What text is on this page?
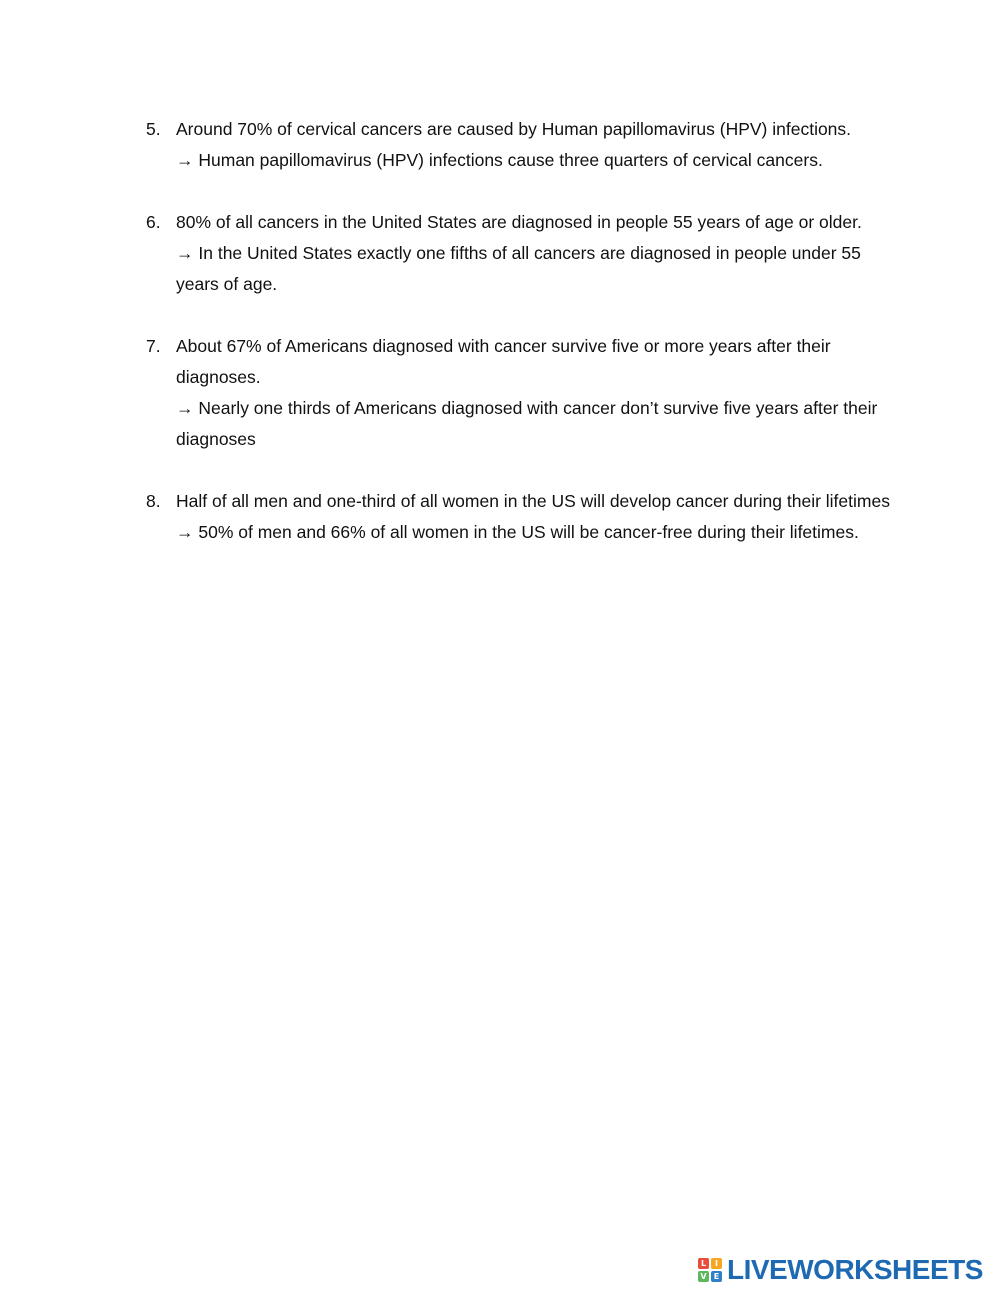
5. Around 70% of cervical cancers are caused by Human papillomavirus (HPV) infections.
→ Human papillomavirus (HPV) infections cause three quarters of cervical cancers.
6. 80% of all cancers in the United States are diagnosed in people 55 years of age or older.
→ In the United States exactly one fifths of all cancers are diagnosed in people under 55 years of age.
7. About 67% of Americans diagnosed with cancer survive five or more years after their diagnoses.
→ Nearly one thirds of Americans diagnosed with cancer don’t survive five years after their diagnoses
8. Half of all men and one-third of all women in the US will develop cancer during their lifetimes
→ 50% of men and 66% of all women in the US will be cancer-free during their lifetimes.
L	I
V E LIVEWORKSHEETS
